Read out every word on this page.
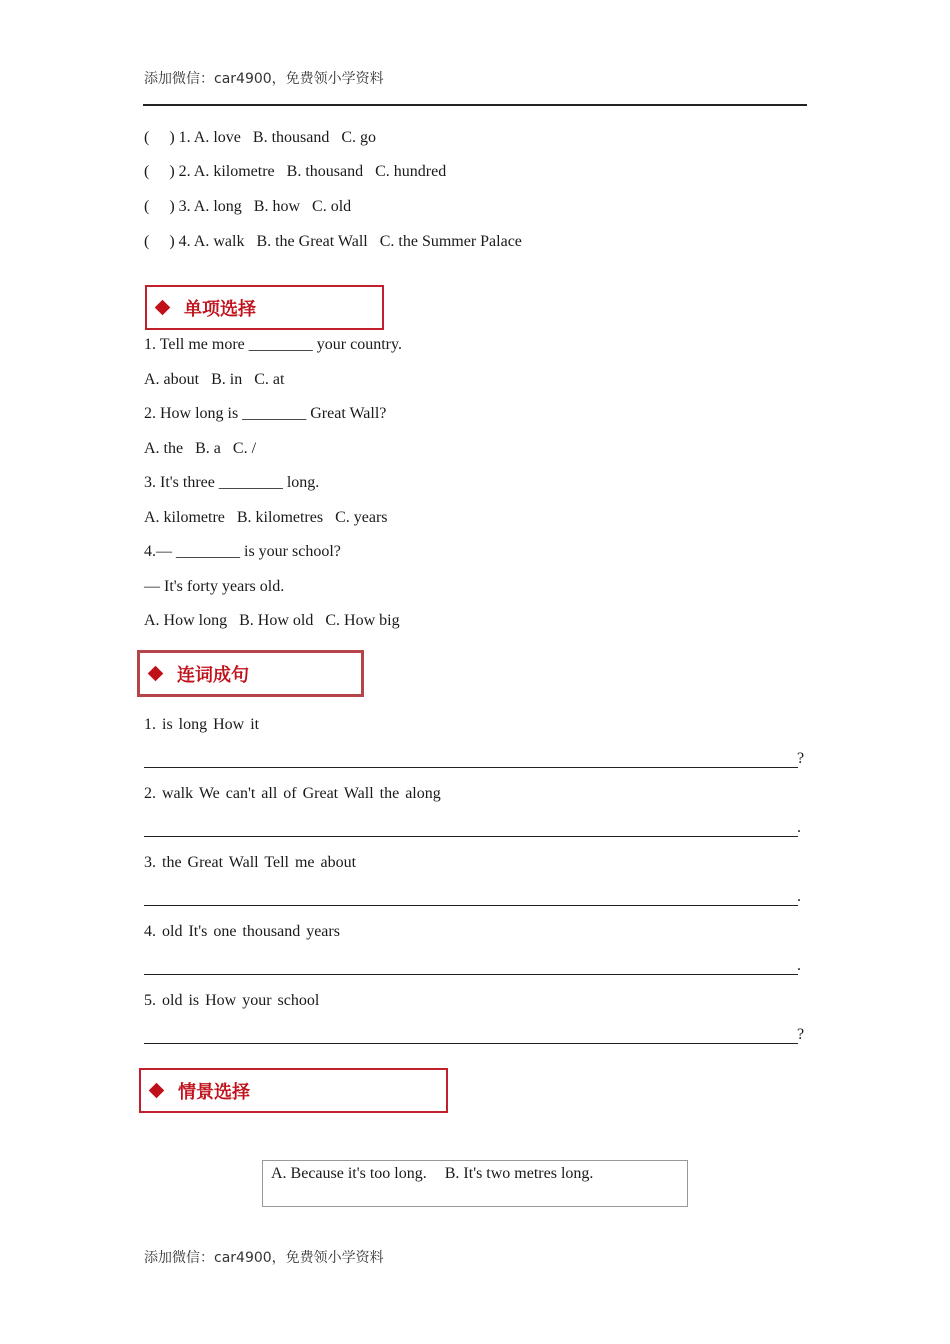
添加微信：car4900，免费领小学资料
(     ) 1. A. love B. thousand C. go
(     ) 2. A. kilometre B. thousand C. hundred
(     ) 3. A. long B. how C. old
(     ) 4. A. walk B. the Great Wall C. the Summer Palace
单项选择
1. Tell me more ________ your country.
A. about B. in C. at
2. How long is ________ Great Wall?
A. the B. a C. /
3. It's three ________ long.
A. kilometre B. kilometres C. years
4.— ________ is your school?
— It's forty years old.
A. How long B. How old C. How big
连词成句
1. is long How it
?
2. walk We can't all of Great Wall the along
.
3. the Great Wall Tell me about
.
4. old It's one thousand years
.
5. old is How your school
?
情景选择
A. Because it's too long. B. It's two metres long.
添加微信：car4900，免费领小学资料
